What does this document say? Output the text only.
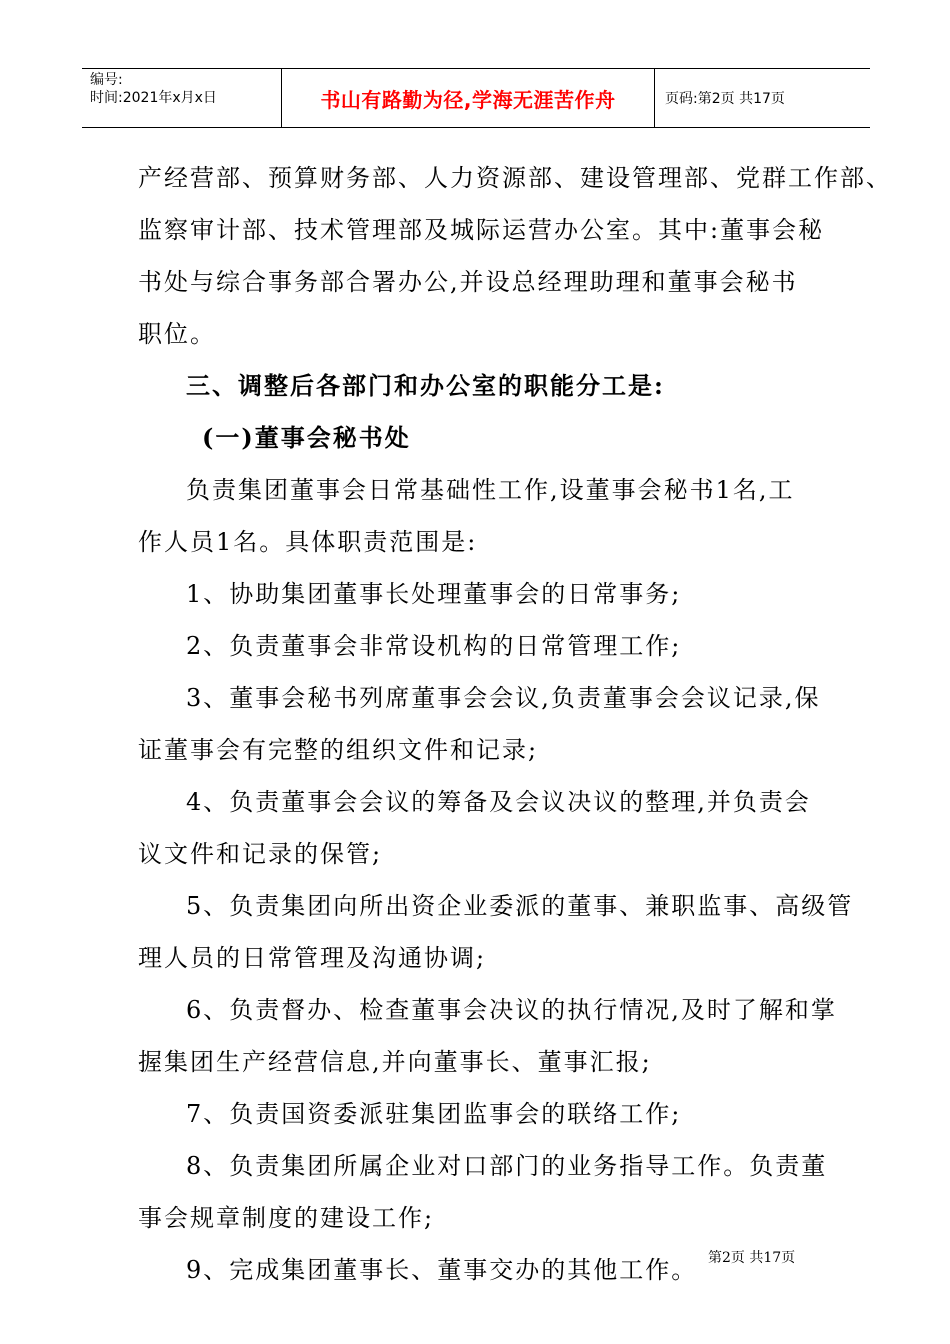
编号:
时间:2021年x月x日	书山有路勤为径,学海无涯苦作舟	页码:第2页 共17页
产经营部、预算财务部、人力资源部、建设管理部、党群工作部、
监察审计部、技术管理部及城际运营办公室。其中:董事会秘
书处与综合事务部合署办公,并设总经理助理和董事会秘书
职位。
三、调整后各部门和办公室的职能分工是:
(一)董事会秘书处
负责集团董事会日常基础性工作,设董事会秘书1名,工
作人员1名。具体职责范围是:
1、协助集团董事长处理董事会的日常事务;
2、负责董事会非常设机构的日常管理工作;
3、董事会秘书列席董事会会议,负责董事会会议记录,保
证董事会有完整的组织文件和记录;
4、负责董事会会议的筹备及会议决议的整理,并负责会
议文件和记录的保管;
5、负责集团向所出资企业委派的董事、兼职监事、高级管
理人员的日常管理及沟通协调;
6、负责督办、检查董事会决议的执行情况,及时了解和掌
握集团生产经营信息,并向董事长、董事汇报;
7、负责国资委派驻集团监事会的联络工作;
8、负责集团所属企业对口部门的业务指导工作。负责董
事会规章制度的建设工作;
9、完成集团董事长、董事交办的其他工作。 第2页 共17页
